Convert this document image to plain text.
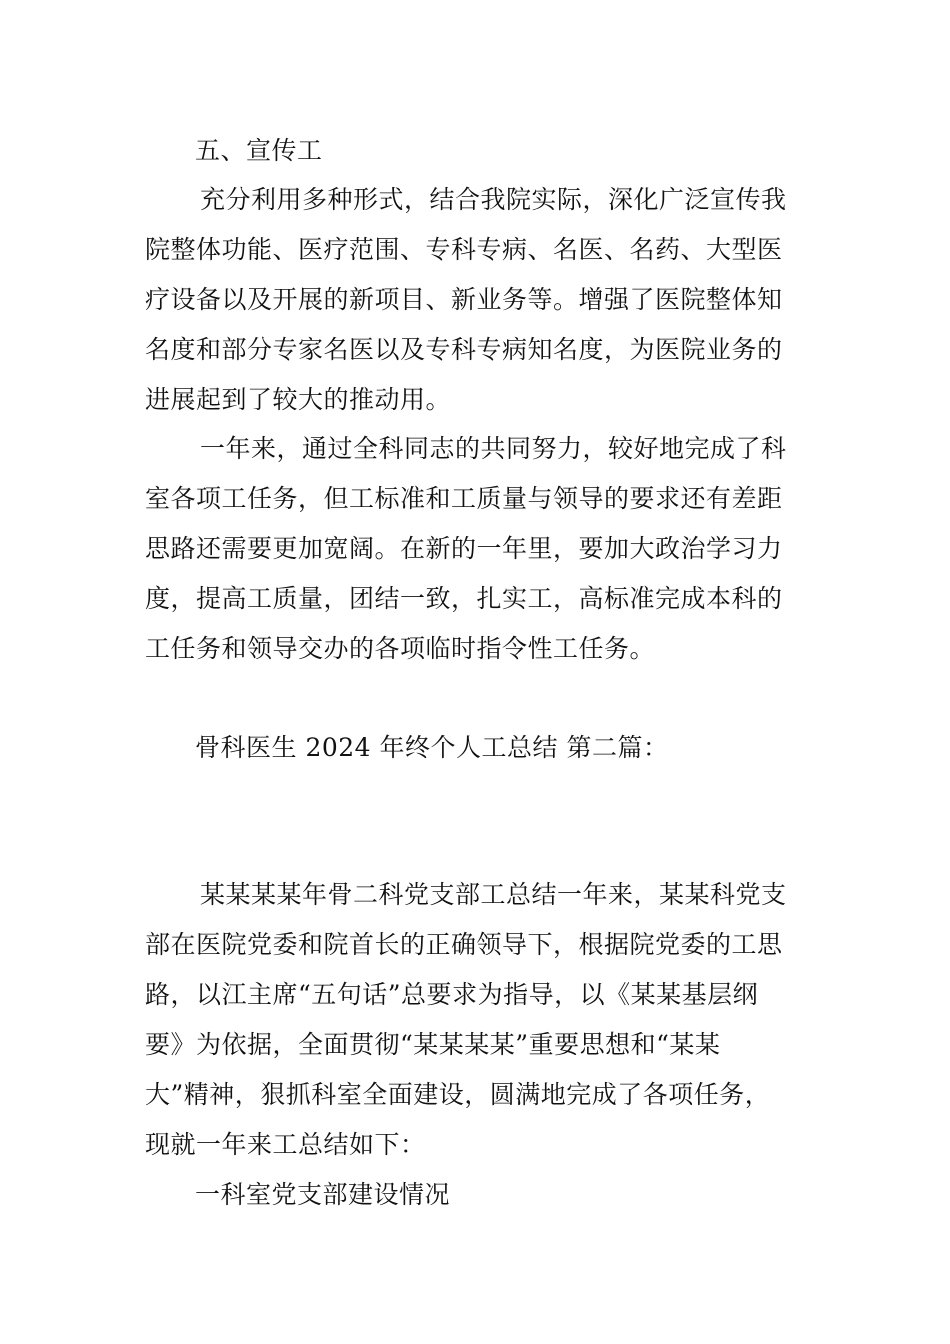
五、宣传工
充分利用多种形式，结合我院实际，深化广泛宣传我
院整体功能、医疗范围、专科专病、名医、名药、大型医
疗设备以及开展的新项目、新业务等。增强了医院整体知
名度和部分专家名医以及专科专病知名度，为医院业务的
进展起到了较大的推动用。
一年来，通过全科同志的共同努力，较好地完成了科
室各项工任务，但工标准和工质量与领导的要求还有差距
思路还需要更加宽阔。在新的一年里，要加大政治学习力
度，提高工质量，团结一致，扎实工，高标准完成本科的
工任务和领导交办的各项临时指令性工任务。
骨科医生 2024 年终个人工总结 第二篇：
某某某某年骨二科党支部工总结一年来，某某科党支
部在医院党委和院首长的正确领导下，根据院党委的工思
路，以江主席“五句话”总要求为指导，以《某某基层纲
要》为依据，全面贯彻“某某某某”重要思想和“某某
大”精神，狠抓科室全面建设，圆满地完成了各项任务，
现就一年来工总结如下：
一科室党支部建设情况
